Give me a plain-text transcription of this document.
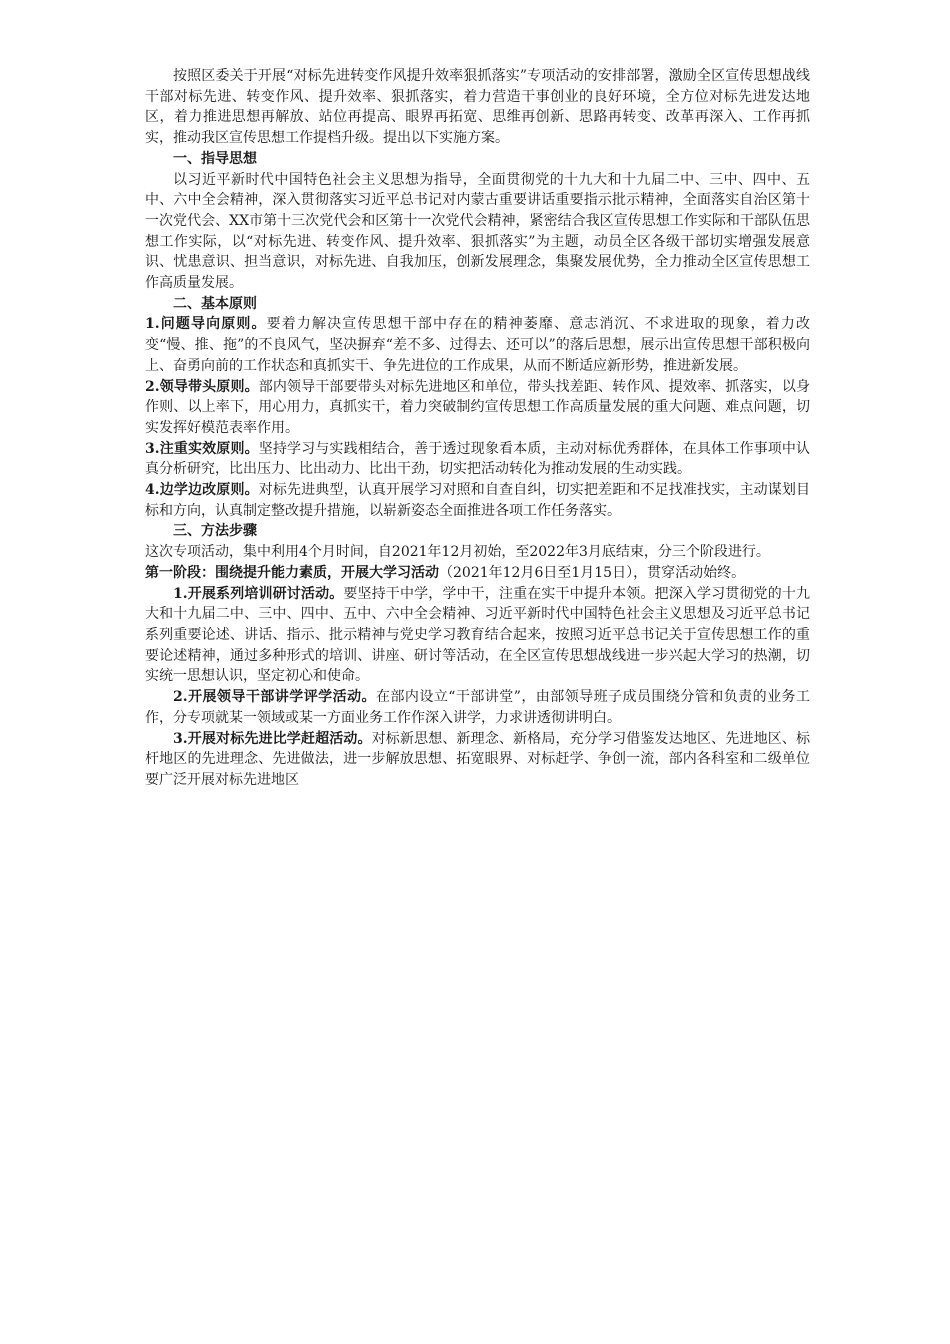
按照区委关于开展“对标先进转变作风提升效率狠抓落实”专项活动的安排部署，激励全区宣传思想战线干部对标先进、转变作风、提升效率、狠抓落实，着力营造干事创业的良好环境，全方位对标先进发达地区，着力推进思想再解放、站位再提高、眼界再拓宽、思维再创新、思路再转变、改革再深入、工作再抓实，推动我区宣传思想工作提档升级。提出以下实施方案。

一、指导思想

以习近平新时代中国特色社会主义思想为指导，全面贯彻党的十九大和十九届二中、三中、四中、五中、六中全会精神，深入贯彻落实习近平总书记对内蒙古重要讲话重要指示批示精神，全面落实自治区第十一次党代会、XX市第十三次党代会和区第十一次党代会精神，紧密结合我区宣传思想工作实际和干部队伍思想工作实际，以“对标先进、转变作风、提升效率、狠抓落实”为主题，动员全区各级干部切实增强发展意识、忧患意识、担当意识，对标先进、自我加压，创新发展理念，集聚发展优势，全力推动全区宣传思想工作高质量发展。

二、基本原则

1.问题导向原则。要着力解决宣传思想干部中存在的精神萎靡、意志消沉、不求进取的现象，着力改变“慢、推、拖”的不良风气，坚决摒弃“差不多、过得去、还可以”的落后思想，展示出宣传思想干部积极向上、奋勇向前的工作状态和真抓实干、争先进位的工作成果，从而不断适应新形势，推进新发展。

2.领导带头原则。部内领导干部要带头对标先进地区和单位，带头找差距、转作风、提效率、抓落实，以身作则、以上率下，用心用力，真抓实干，着力突破制约宣传思想工作高质量发展的重大问题、难点问题，切实发挥好模范表率作用。

3.注重实效原则。坚持学习与实践相结合，善于透过现象看本质，主动对标优秀群体，在具体工作事项中认真分析研究，比出压力、比出动力、比出干劲，切实把活动转化为推动发展的生动实践。

4.边学边改原则。对标先进典型，认真开展学习对照和自查自纠，切实把差距和不足找准找实，主动谋划目标和方向，认真制定整改提升措施，以崭新姿态全面推进各项工作任务落实。

三、方法步骤

这次专项活动，集中利用4个月时间，自2021年12月初始，至2022年3月底结束，分三个阶段进行。

第一阶段：围绕提升能力素质，开展大学习活动（2021年12月6日至1月15日），贯穿活动始终。

1.开展系列培训研讨活动。要坚持干中学，学中干，注重在实干中提升本领。把深入学习贯彻党的十九大和十九届二中、三中、四中、五中、六中全会精神、习近平新时代中国特色社会主义思想及习近平总书记系列重要论述、讲话、指示、批示精神与党史学习教育结合起来，按照习近平总书记关于宣传思想工作的重要论述精神，通过多种形式的培训、讲座、研讨等活动，在全区宣传思想战线进一步兴起大学习的热潮，切实统一思想认识，坚定初心和使命。

2.开展领导干部讲学评学活动。在部内设立“干部讲堂”，由部领导班子成员围绕分管和负责的业务工作，分专项就某一领域或某一方面业务工作作深入讲学，力求讲透彻讲明白。

3.开展对标先进比学赶超活动。对标新思想、新理念、新格局，充分学习借鉴发达地区、先进地区、标杆地区的先进理念、先进做法，进一步解放思想、拓宽眼界、对标赶学、争创一流，部内各科室和二级单位要广泛开展对标先进地区
